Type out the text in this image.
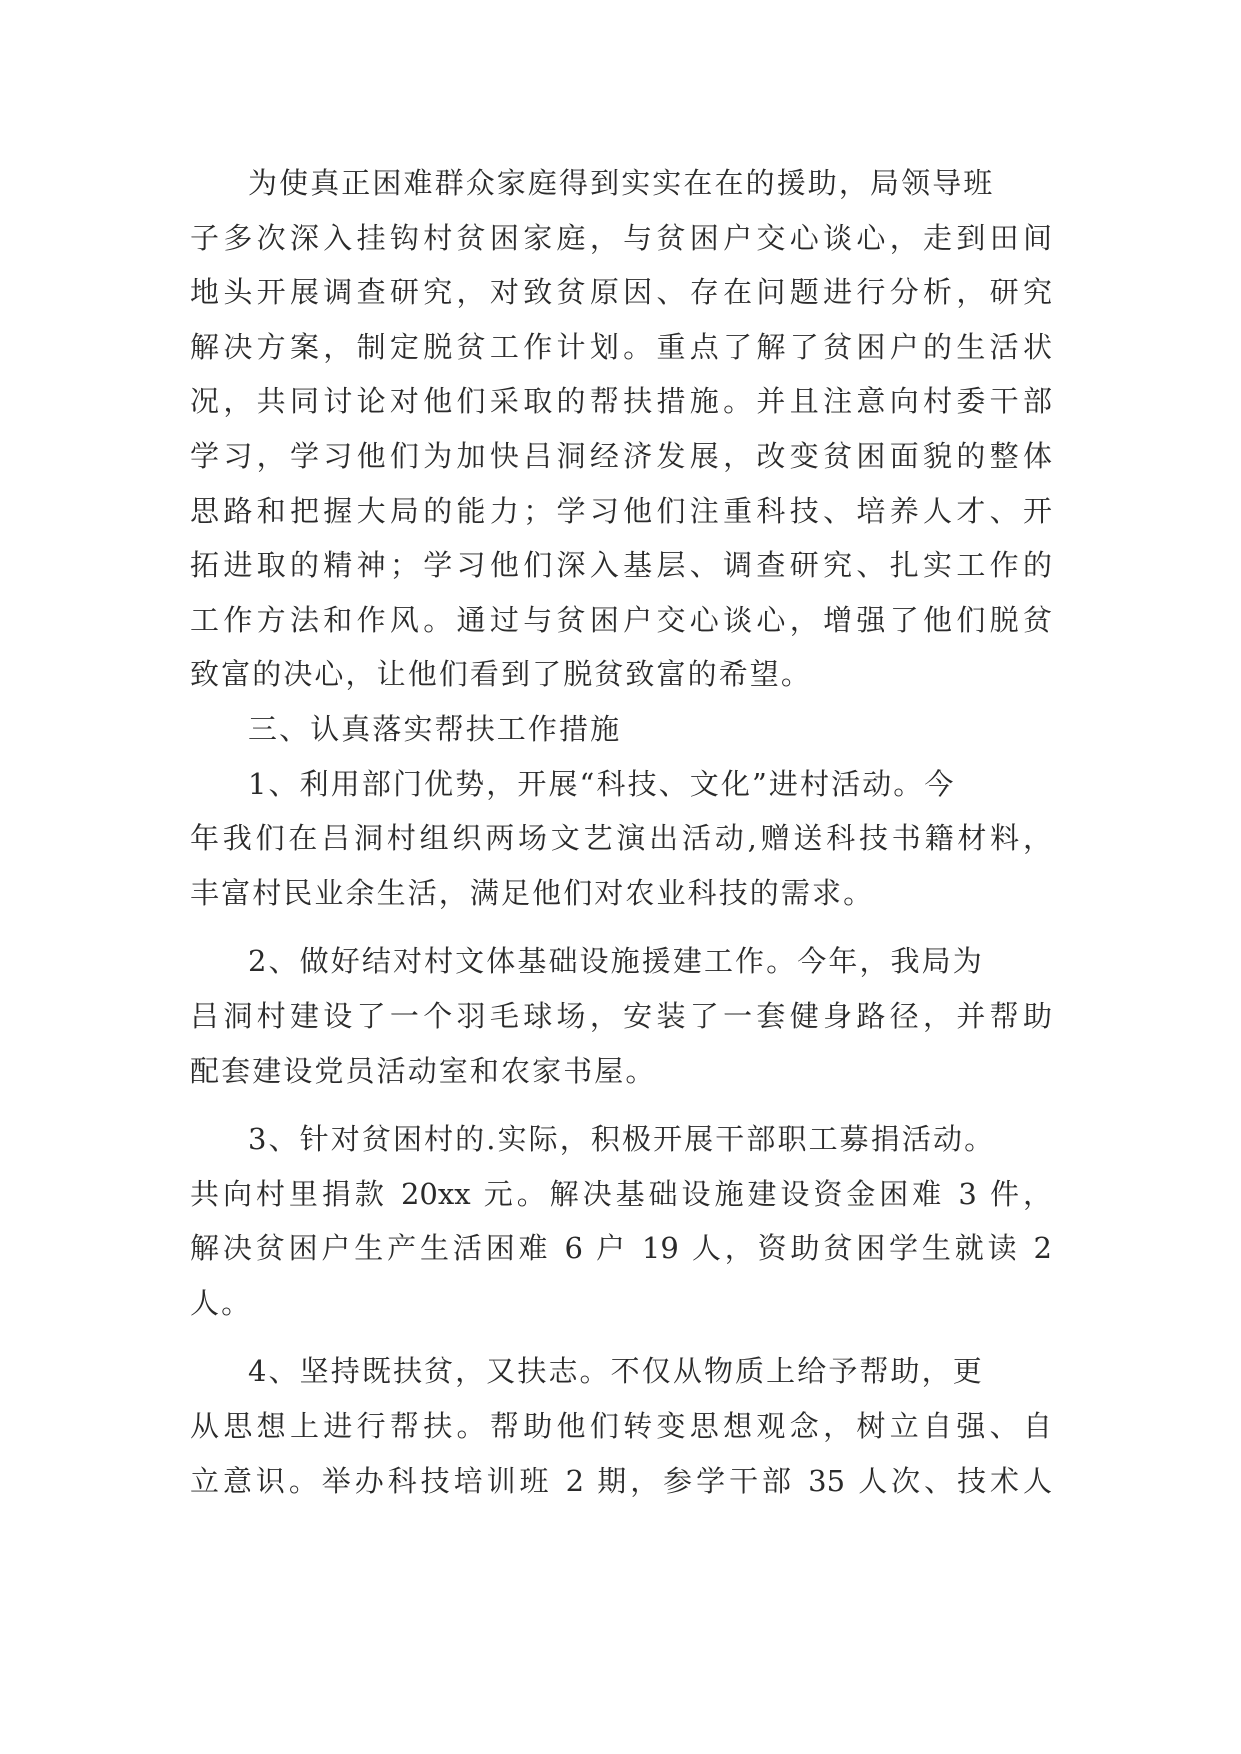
为使真正困难群众家庭得到实实在在的援助，局领导班
子多次深入挂钩村贫困家庭，与贫困户交心谈心，走到田间
地头开展调查研究，对致贫原因、存在问题进行分析，研究
解决方案，制定脱贫工作计划。重点了解了贫困户的生活状
况，共同讨论对他们采取的帮扶措施。并且注意向村委干部
学习，学习他们为加快吕洞经济发展，改变贫困面貌的整体
思路和把握大局的能力；学习他们注重科技、培养人才、开
拓进取的精神；学习他们深入基层、调查研究、扎实工作的
工作方法和作风。通过与贫困户交心谈心，增强了他们脱贫
致富的决心，让他们看到了脱贫致富的希望。
三、认真落实帮扶工作措施
1、利用部门优势，开展“科技、文化”进村活动。今
年我们在吕洞村组织两场文艺演出活动,赠送科技书籍材料，
丰富村民业余生活，满足他们对农业科技的需求。
2、做好结对村文体基础设施援建工作。今年，我局为
吕洞村建设了一个羽毛球场，安装了一套健身路径，并帮助
配套建设党员活动室和农家书屋。
3、针对贫困村的.实际，积极开展干部职工募捐活动。
共向村里捐款 20xx 元。解决基础设施建设资金困难 3 件，
解决贫困户生产生活困难 6 户 19 人，资助贫困学生就读 2
人。
4、坚持既扶贫，又扶志。不仅从物质上给予帮助，更
从思想上进行帮扶。帮助他们转变思想观念，树立自强、自
立意识。举办科技培训班 2 期，参学干部 35 人次、技术人
